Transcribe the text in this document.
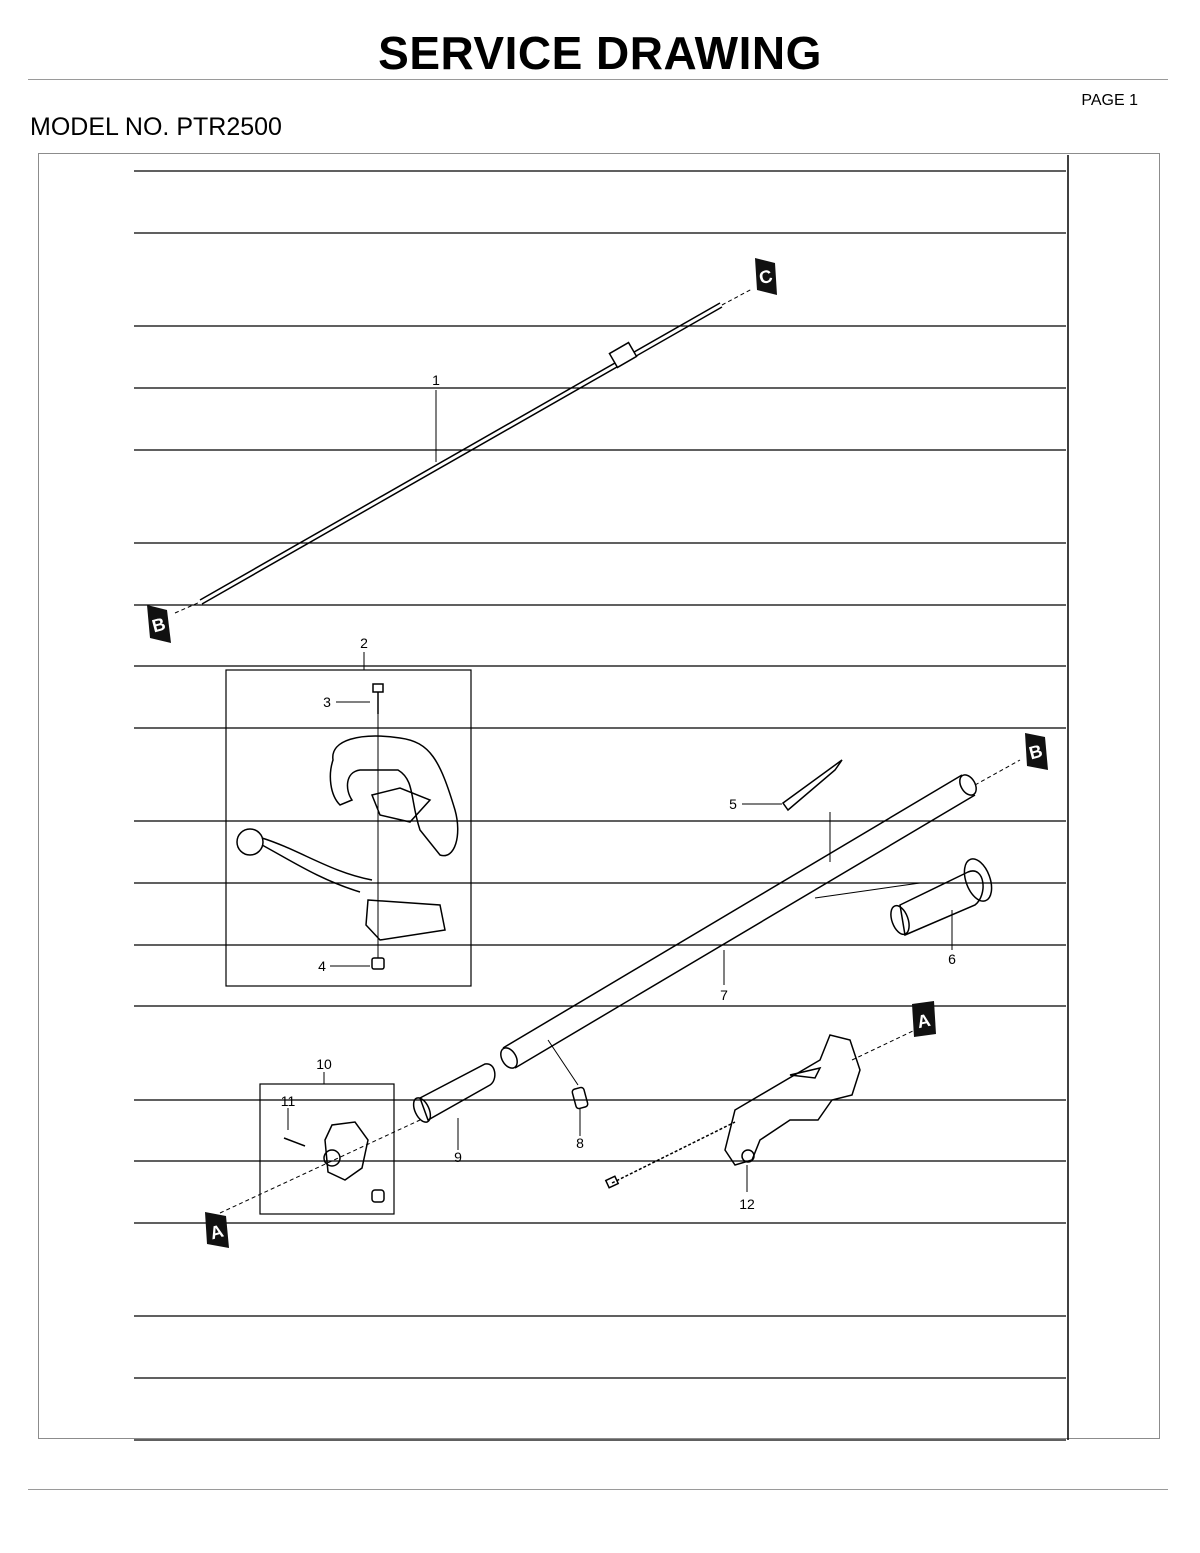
SERVICE DRAWING
PAGE 1
MODEL NO. PTR2500
C
B
B
A
A
1
2
3
4
5
6
7
8
9
10
11
12
